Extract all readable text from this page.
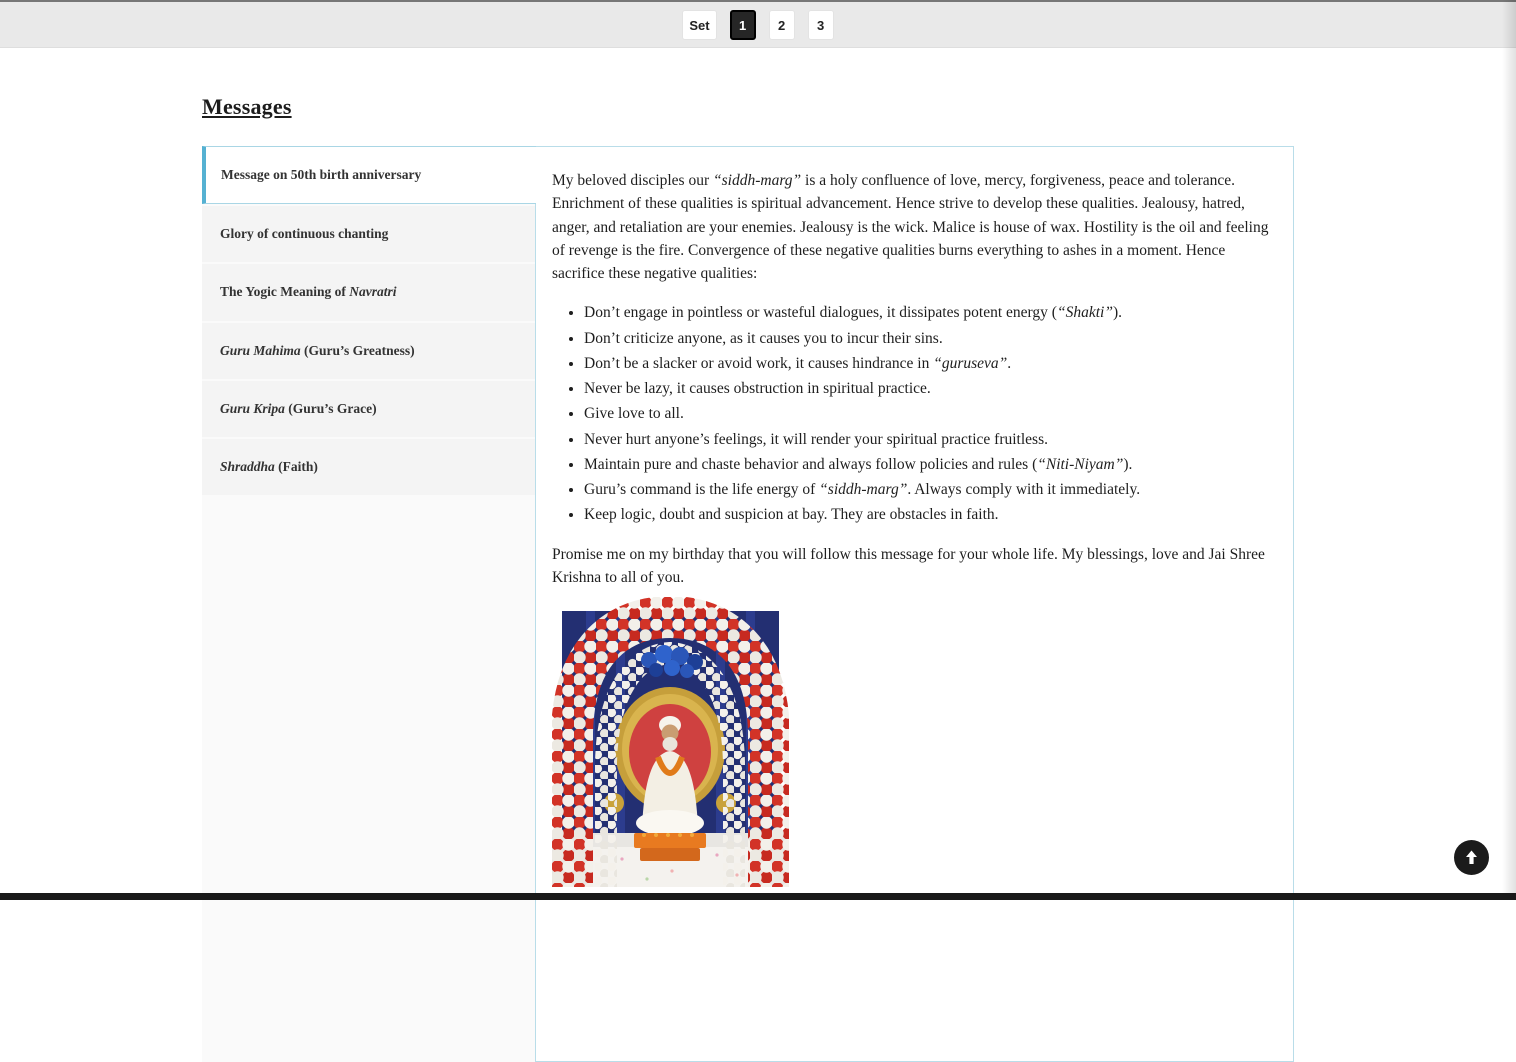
Set	1	2	3
Messages
Message on 50th birth anniversary
Glory of continuous chanting
The Yogic Meaning of Navratri
Guru Mahima (Guru’s Greatness)
Guru Kripa (Guru’s Grace)
Shraddha (Faith)

My beloved disciples our “siddh-marg” is a holy confluence of love, mercy, forgiveness, peace and tolerance. Enrichment of these qualities is spiritual advancement. Hence strive to develop these qualities. Jealousy, hatred, anger, and retaliation are your enemies. Jealousy is the wick. Malice is house of wax. Hostility is the oil and feeling of revenge is the fire. Convergence of these negative qualities burns everything to ashes in a moment. Hence sacrifice these negative qualities:

• Don’t engage in pointless or wasteful dialogues, it dissipates potent energy (“Shakti”).
• Don’t criticize anyone, as it causes you to incur their sins.
• Don’t be a slacker or avoid work, it causes hindrance in “guruseva”.
• Never be lazy, it causes obstruction in spiritual practice.
• Give love to all.
• Never hurt anyone’s feelings, it will render your spiritual practice fruitless.
• Maintain pure and chaste behavior and always follow policies and rules (“Niti-Niyam”).
• Guru’s command is the life energy of “siddh-marg”. Always comply with it immediately.
• Keep logic, doubt and suspicion at bay. They are obstacles in faith.

Promise me on my birthday that you will follow this message for your whole life. My blessings, love and Jai Shree Krishna to all of you.
